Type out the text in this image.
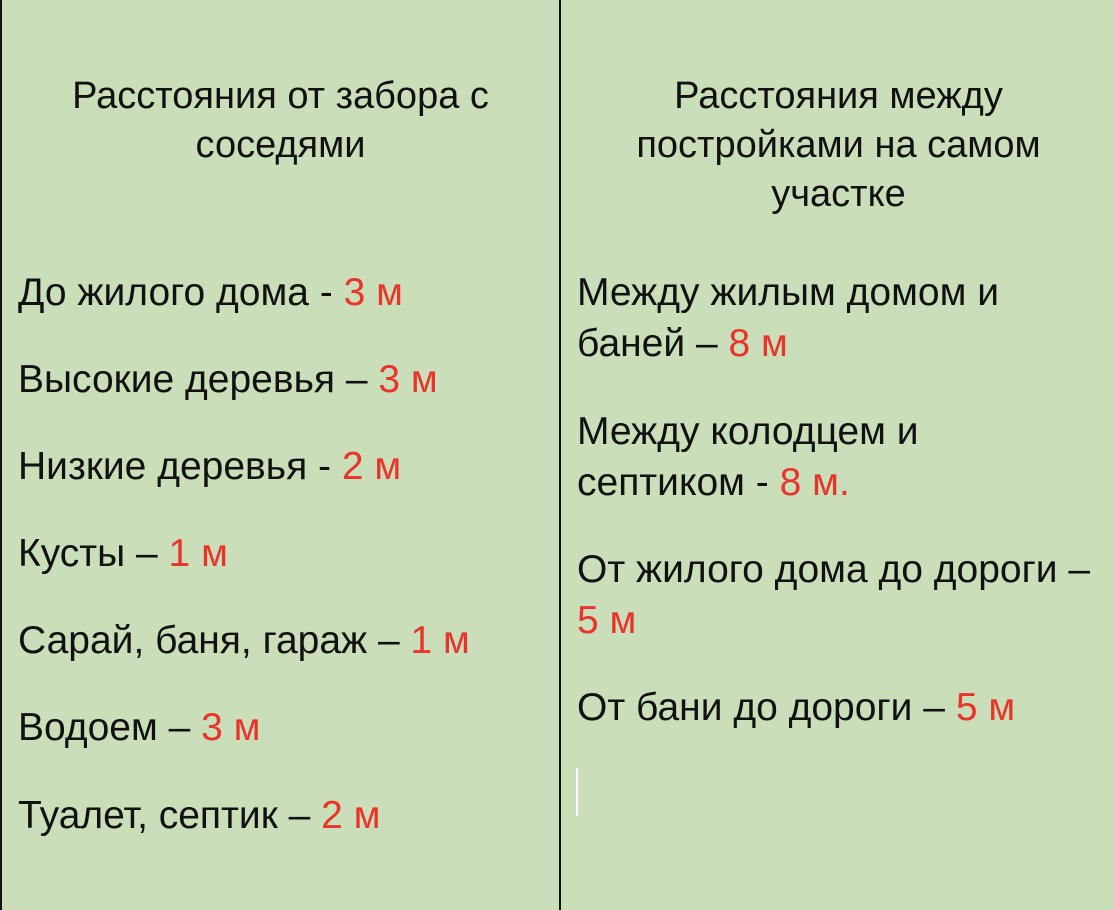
Расстояния от забора с соседями
До жилого дома - 3 м
Высокие деревья – 3 м
Низкие деревья - 2 м
Кусты – 1 м
Сарай, баня, гараж – 1 м
Водоем – 3 м
Туалет, септик – 2 м
Расстояния между постройками на самом участке
Между жилым домом и баней – 8 м
Между колодцем и септиком - 8 м.
От жилого дома до дороги – 5 м
От бани до дороги – 5 м
